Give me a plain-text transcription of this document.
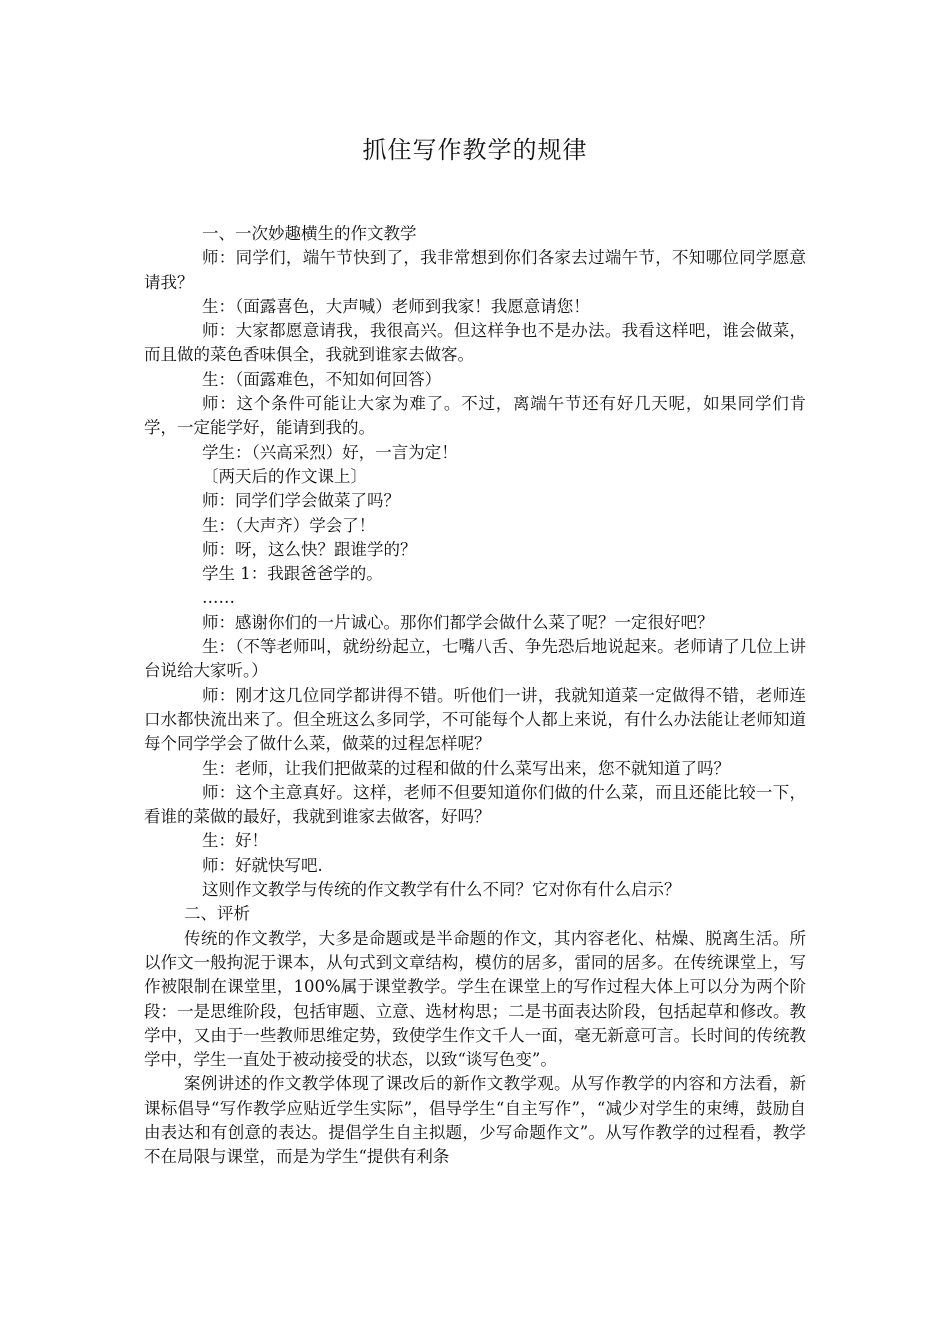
抓住写作教学的规律

一、一次妙趣横生的作文教学

师：同学们，端午节快到了，我非常想到你们各家去过端午节，不知哪位同学愿意请我？

生：（面露喜色，大声喊）老师到我家！我愿意请您！

师：大家都愿意请我，我很高兴。但这样争也不是办法。我看这样吧，谁会做菜，而且做的菜色香味俱全，我就到谁家去做客。

生：（面露难色，不知如何回答）

师：这个条件可能让大家为难了。不过，离端午节还有好几天呢，如果同学们肯学，一定能学好，能请到我的。

学生：（兴高采烈）好，一言为定！

〔两天后的作文课上〕

师：同学们学会做菜了吗？

生：（大声齐）学会了！

师：呀，这么快？跟谁学的？

学生 1：我跟爸爸学的。

……

师：感谢你们的一片诚心。那你们都学会做什么菜了呢？一定很好吧？

生：（不等老师叫，就纷纷起立，七嘴八舌、争先恐后地说起来。老师请了几位上讲台说给大家听。）

师：刚才这几位同学都讲得不错。听他们一讲，我就知道菜一定做得不错，老师连口水都快流出来了。但全班这么多同学，不可能每个人都上来说，有什么办法能让老师知道每个同学学会了做什么菜，做菜的过程怎样呢？

生：老师，让我们把做菜的过程和做的什么菜写出来，您不就知道了吗？

师：这个主意真好。这样，老师不但要知道你们做的什么菜，而且还能比较一下，看谁的菜做的最好，我就到谁家去做客，好吗？

生：好！

师：好就快写吧.

这则作文教学与传统的作文教学有什么不同？它对你有什么启示？

二、评析

传统的作文教学，大多是命题或是半命题的作文，其内容老化、枯燥、脱离生活。所以作文一般拘泥于课本，从句式到文章结构，模仿的居多，雷同的居多。在传统课堂上，写作被限制在课堂里，100%属于课堂教学。学生在课堂上的写作过程大体上可以分为两个阶段：一是思维阶段，包括审题、立意、选材构思；二是书面表达阶段，包括起草和修改。教学中，又由于一些教师思维定势，致使学生作文千人一面，毫无新意可言。长时间的传统教学中，学生一直处于被动接受的状态，以致“谈写色变”。

案例讲述的作文教学体现了课改后的新作文教学观。从写作教学的内容和方法看，新课标倡导“写作教学应贴近学生实际”，倡导学生“自主写作”，“减少对学生的束缚，鼓励自由表达和有创意的表达。提倡学生自主拟题，少写命题作文”。从写作教学的过程看，教学不在局限与课堂，而是为学生“提供有利条
